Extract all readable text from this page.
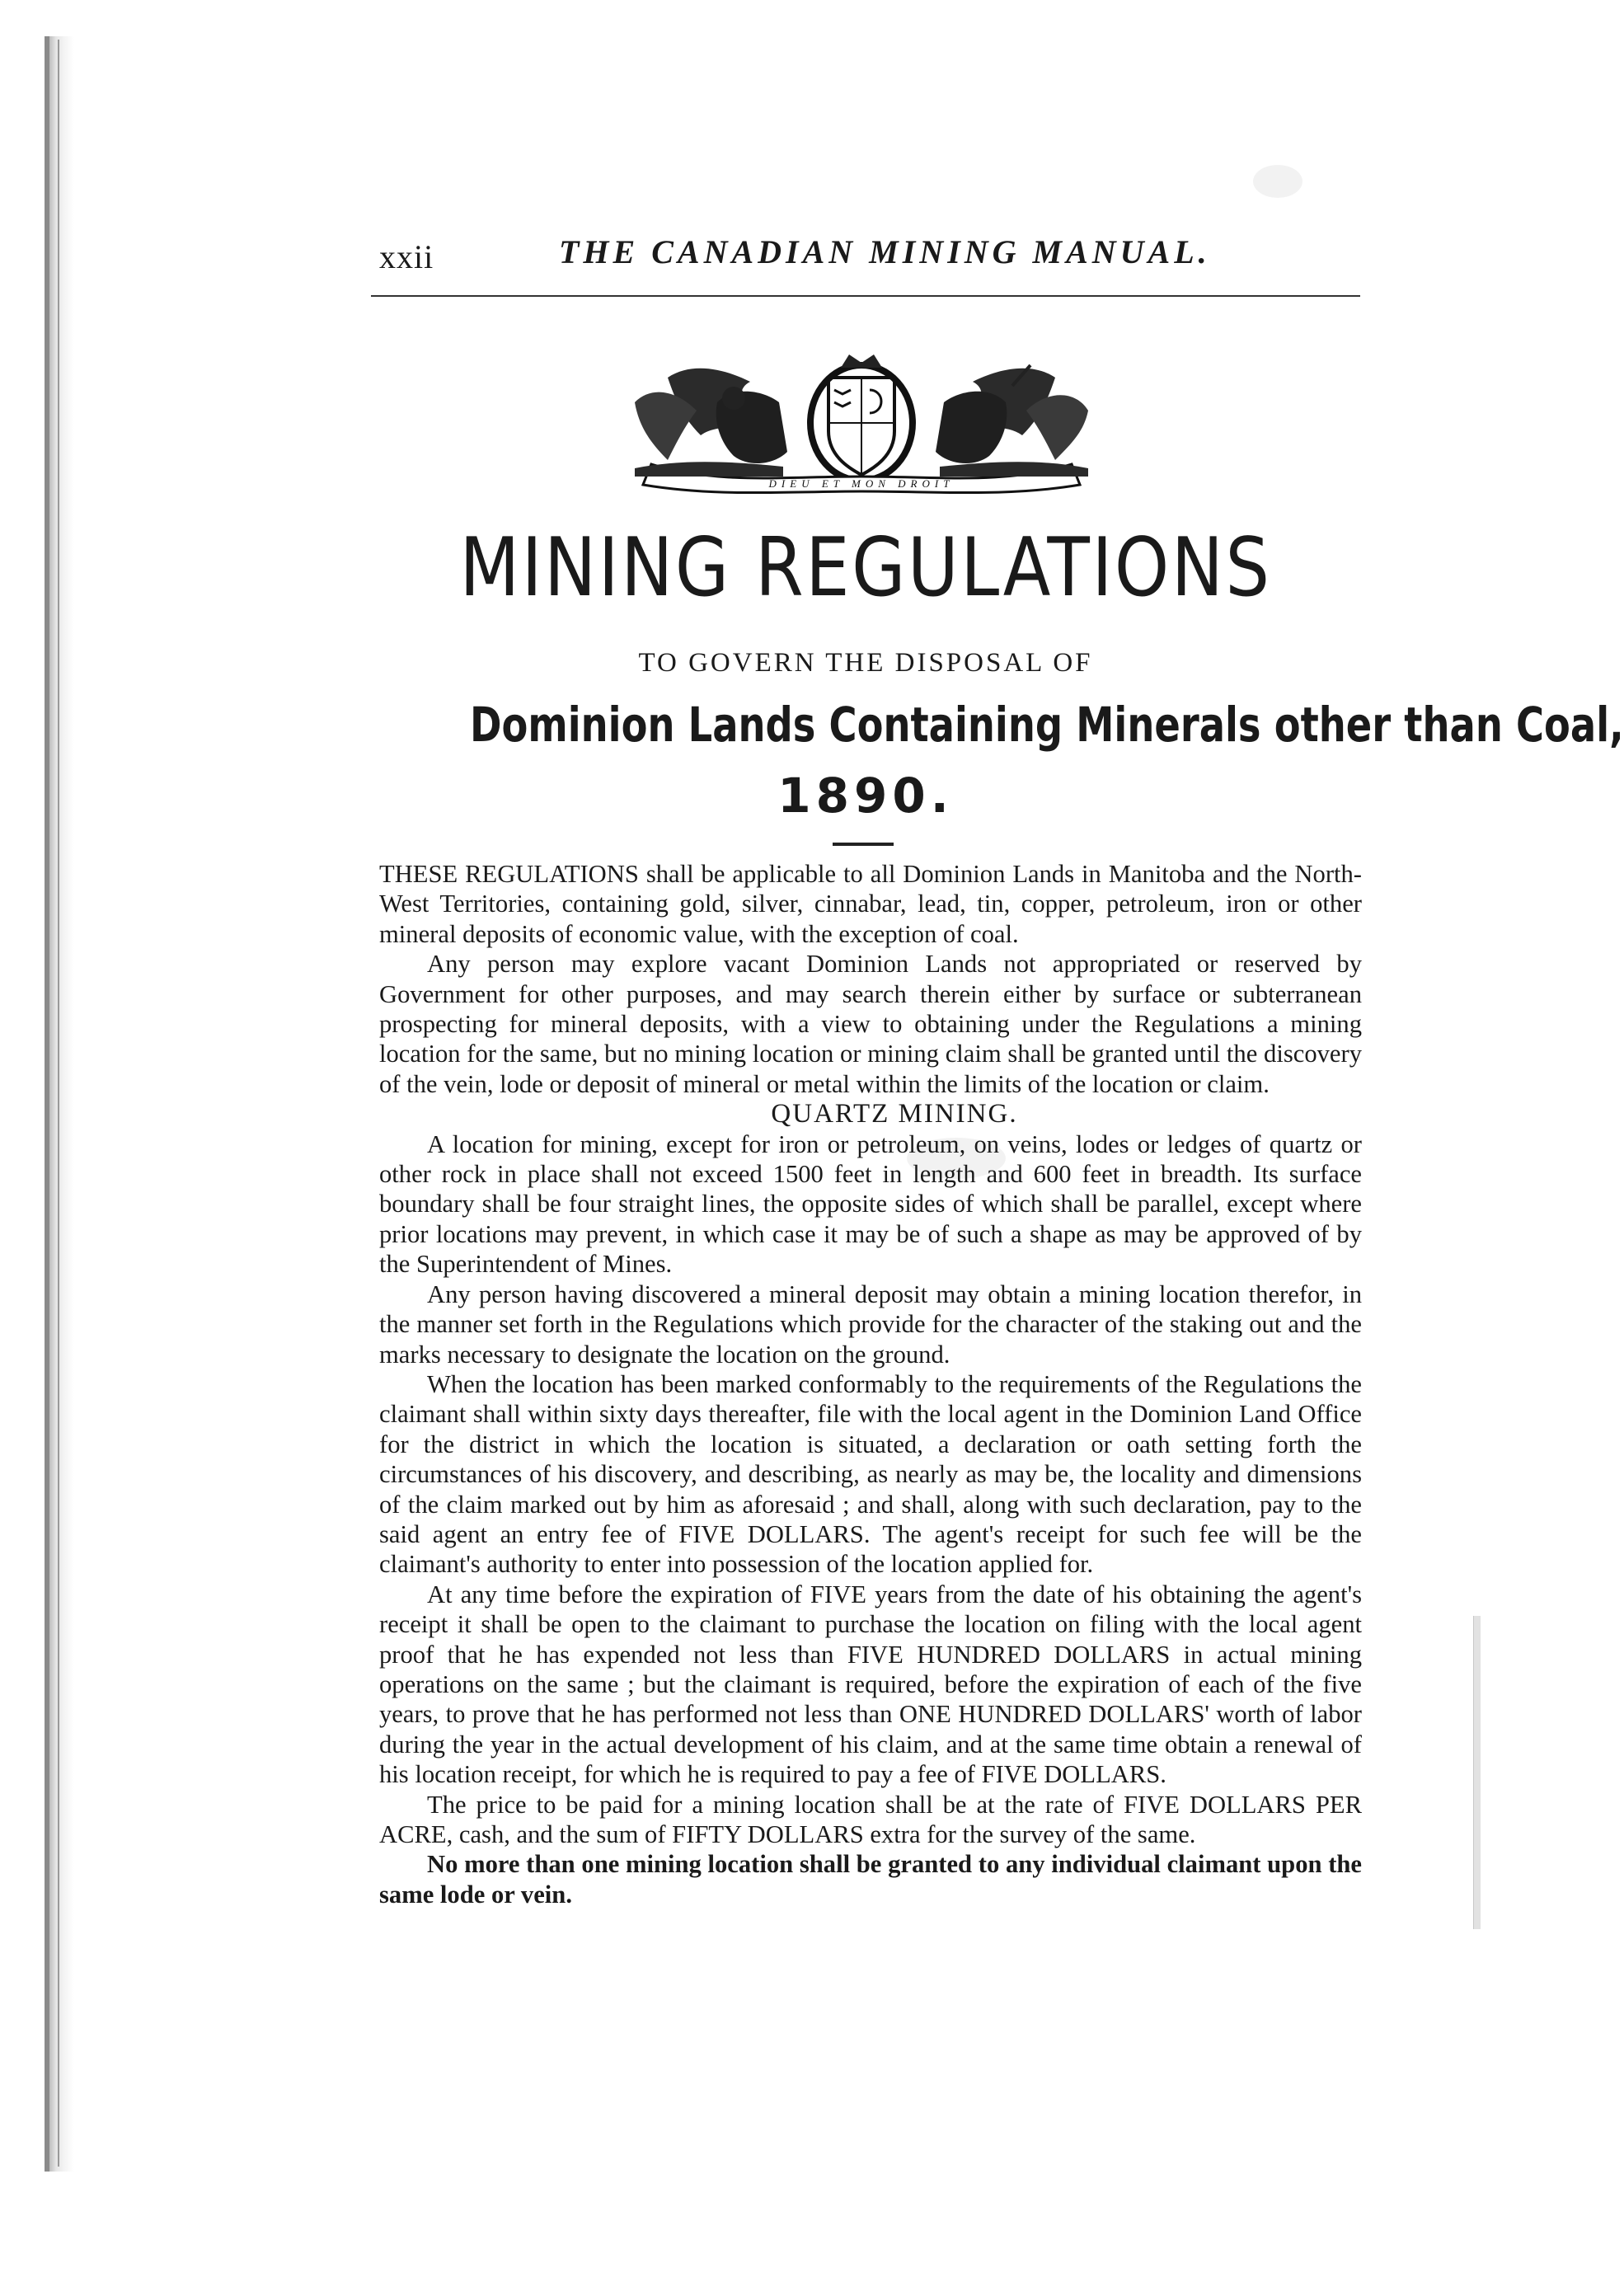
xxii	THE CANADIAN MINING MANUAL.
DIEU ET MON DROIT
MINING REGULATIONS
TO GOVERN THE DISPOSAL OF
Dominion Lands Containing Minerals other than Coal,
1890.

THESE REGULATIONS shall be applicable to all Dominion Lands in Manitoba and the North-West Territories, containing gold, silver, cinnabar, lead, tin, copper, petroleum, iron or other mineral deposits of economic value, with the exception of coal.

Any person may explore vacant Dominion Lands not appropriated or reserved by Government for other purposes, and may search therein either by surface or subterranean prospecting for mineral deposits, with a view to obtaining under the Regulations a mining location for the same, but no mining location or mining claim shall be granted until the discovery of the vein, lode or deposit of mineral or metal within the limits of the location or claim.

QUARTZ MINING.

A location for mining, except for iron or petroleum, on veins, lodes or ledges of quartz or other rock in place shall not exceed 1500 feet in length and 600 feet in breadth. Its surface boundary shall be four straight lines, the opposite sides of which shall be parallel, except where prior locations may prevent, in which case it may be of such a shape as may be approved of by the Superintendent of Mines.

Any person having discovered a mineral deposit may obtain a mining location therefor, in the manner set forth in the Regulations which provide for the character of the staking out and the marks necessary to designate the location on the ground.

When the location has been marked conformably to the requirements of the Regulations the claimant shall within sixty days thereafter, file with the local agent in the Dominion Land Office for the district in which the location is situated, a declaration or oath setting forth the circumstances of his discovery, and describing, as nearly as may be, the locality and dimensions of the claim marked out by him as aforesaid ; and shall, along with such declaration, pay to the said agent an entry fee of FIVE DOLLARS. The agent's receipt for such fee will be the claimant's authority to enter into possession of the location applied for.

At any time before the expiration of FIVE years from the date of his obtaining the agent's receipt it shall be open to the claimant to purchase the location on filing with the local agent proof that he has expended not less than FIVE HUNDRED DOLLARS in actual mining operations on the same ; but the claimant is required, before the expiration of each of the five years, to prove that he has performed not less than ONE HUNDRED DOLLARS' worth of labor during the year in the actual development of his claim, and at the same time obtain a renewal of his location receipt, for which he is required to pay a fee of FIVE DOLLARS.

The price to be paid for a mining location shall be at the rate of FIVE DOLLARS PER ACRE, cash, and the sum of FIFTY DOLLARS extra for the survey of the same.

No more than one mining location shall be granted to any individual claimant upon the same lode or vein.
